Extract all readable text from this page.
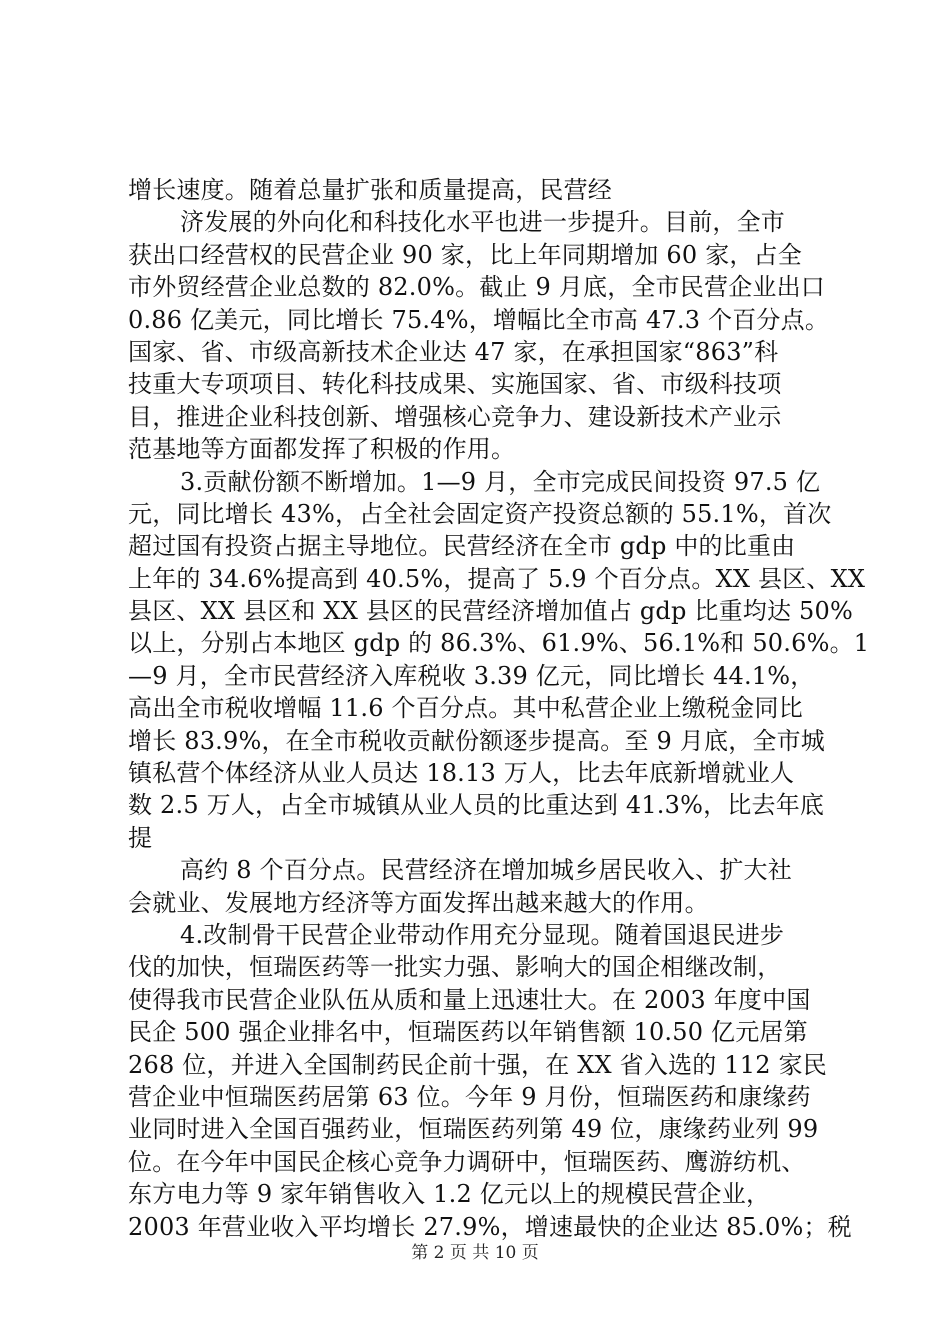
增长速度。随着总量扩张和质量提高，民营经
济发展的外向化和科技化水平也进一步提升。目前，全市
获出口经营权的民营企业 90 家，比上年同期增加 60 家，占全
市外贸经营企业总数的 82.0%。截止 9 月底，全市民营企业出口
0.86 亿美元，同比增长 75.4%，增幅比全市高 47.3 个百分点。
国家、省、市级高新技术企业达 47 家，在承担国家“863”科
技重大专项项目、转化科技成果、实施国家、省、市级科技项
目，推进企业科技创新、增强核心竞争力、建设新技术产业示
范基地等方面都发挥了积极的作用。
3.贡献份额不断增加。1—9 月，全市完成民间投资 97.5 亿
元，同比增长 43%，占全社会固定资产投资总额的 55.1%，首次
超过国有投资占据主导地位。民营经济在全市 gdp 中的比重由
上年的 34.6%提高到 40.5%，提高了 5.9 个百分点。XX 县区、XX
县区、XX 县区和 XX 县区的民营经济增加值占 gdp 比重均达 50%
以上，分别占本地区 gdp 的 86.3%、61.9%、56.1%和 50.6%。1
—9 月，全市民营经济入库税收 3.39 亿元，同比增长 44.1%，
高出全市税收增幅 11.6 个百分点。其中私营企业上缴税金同比
增长 83.9%，在全市税收贡献份额逐步提高。至 9 月底，全市城
镇私营个体经济从业人员达 18.13 万人，比去年底新增就业人
数 2.5 万人，占全市城镇从业人员的比重达到 41.3%，比去年底
提
高约 8 个百分点。民营经济在增加城乡居民收入、扩大社
会就业、发展地方经济等方面发挥出越来越大的作用。
4.改制骨干民营企业带动作用充分显现。随着国退民进步
伐的加快，恒瑞医药等一批实力强、影响大的国企相继改制，
使得我市民营企业队伍从质和量上迅速壮大。在 2003 年度中国
民企 500 强企业排名中，恒瑞医药以年销售额 10.50 亿元居第
268 位，并进入全国制药民企前十强，在 XX 省入选的 112 家民
营企业中恒瑞医药居第 63 位。今年 9 月份，恒瑞医药和康缘药
业同时进入全国百强药业，恒瑞医药列第 49 位，康缘药业列 99
位。在今年中国民企核心竞争力调研中，恒瑞医药、鹰游纺机、
东方电力等 9 家年销售收入 1.2 亿元以上的规模民营企业，
2003 年营业收入平均增长 27.9%，增速最快的企业达 85.0%；税
第 2 页 共 10 页
